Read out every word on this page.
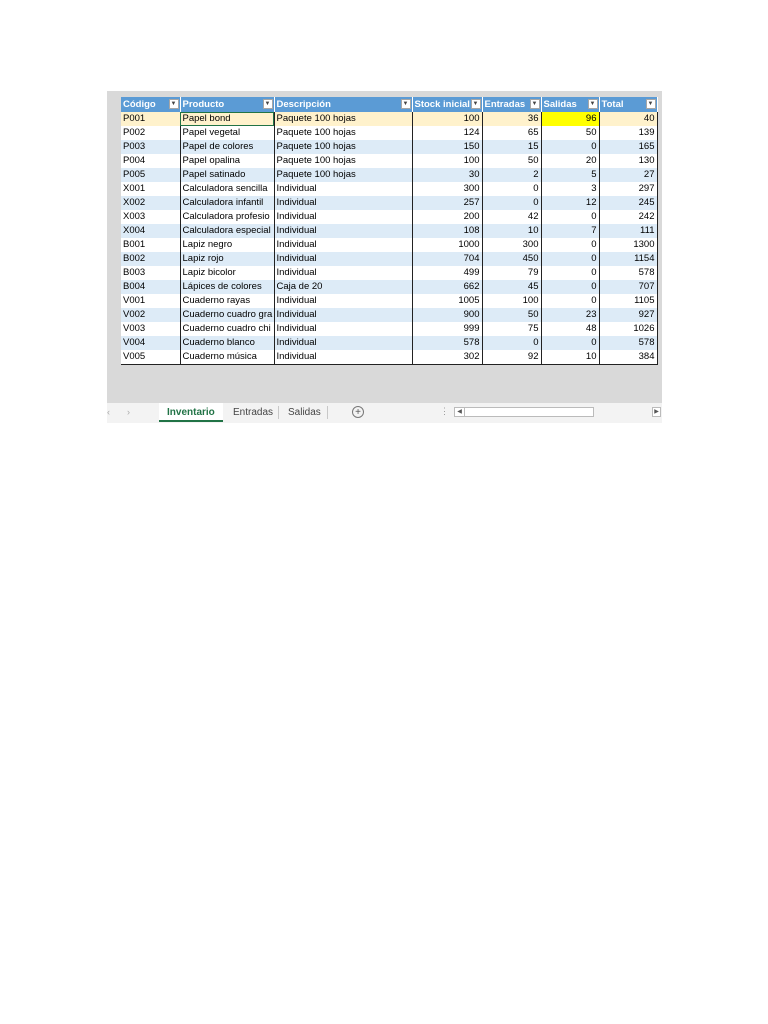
Código ▼	Producto ▼	Descripción ▼	Stock inicial ▼	Entradas ▼	Salidas ▼	Total ▼

P001	Papel bond	Paquete 100 hojas	100	36	96	40
P002	Papel vegetal	Paquete 100 hojas	124	65	50	139
P003	Papel de colores	Paquete 100 hojas	150	15	0	165
P004	Papel opalina	Paquete 100 hojas	100	50	20	130
P005	Papel satinado	Paquete 100 hojas	30	2	5	27
X001	Calculadora sencilla	Individual	300	0	3	297
X002	Calculadora infantil	Individual	257	0	12	245
X003	Calculadora profesio	Individual	200	42	0	242
X004	Calculadora especial	Individual	108	10	7	111
B001	Lapiz negro	Individual	1000	300	0	1300
B002	Lapiz rojo	Individual	704	450	0	1154
B003	Lapiz bicolor	Individual	499	79	0	578
B004	Lápices de colores	Caja de 20	662	45	0	707
V001	Cuaderno rayas	Individual	1005	100	0	1105
V002	Cuaderno cuadro gra	Individual	900	50	23	927
V003	Cuaderno cuadro chi	Individual	999	75	48	1026
V004	Cuaderno blanco	Individual	578	0	0	578
V005	Cuaderno música	Individual	302	92	10	384
‹ ›	Inventario	Entradas	Salidas	+	⋮	◀	▶
